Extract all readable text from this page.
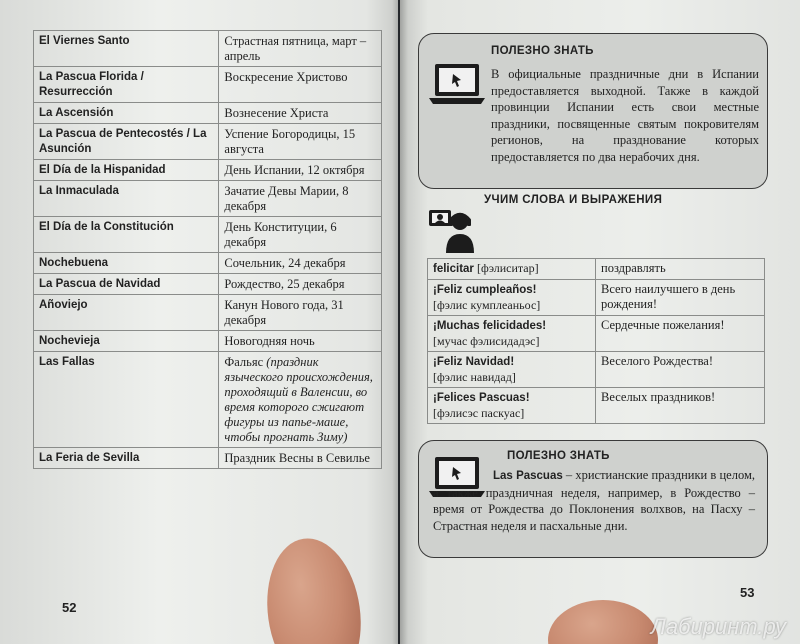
El Viernes Santo	Страстная пятница, март – апрель
La Pascua Florida / Resurrección	Воскресение Христово
La Ascensión	Вознесение Христа
La Pascua de Pentecostés / La Asunción	Успение Богородицы, 15 августа
El Día de la Hispanidad	День Испании, 12 октября
La Inmaculada	Зачатие Девы Марии, 8 декабря
El Día de la Constitución	День Конституции, 6 декабря
Nochebuena	Сочельник, 24 декабря
La Pascua de Navidad	Рождество, 25 декабря
Añoviejo	Канун Нового года, 31 декабря
Nochevieja	Новогодняя ночь
Las Fallas	Фальяс (праздник языческого происхождения, проходящий в Валенсии, во время которого сжигают фигуры из папье-маше, чтобы прогнать Зиму)
La Feria de Sevilla	Праздник Весны в Севилье
52
53
ПОЛЕЗНО ЗНАТЬ
В официальные праздничные дни в Испании предоставляется выходной. Также в каждой провинции Испании есть свои местные праздники, посвященные святым покровителям регионов, на празднование которых предоставляется по два нерабочих дня.
УЧИМ СЛОВА И ВЫРАЖЕНИЯ
felicitar [фэлиситар]	поздравлять
¡Feliz cumpleaños!
[фэлис кумплеаньос]	Всего наилучшего в день рождения!
¡Muchas felicidades!
[мучас фэлисидадэс]	Сердечные пожелания!
¡Feliz Navidad!
[фэлис навидад]	Веселого Рождества!
¡Felices Pascuas!
[фэлисэс паскуас]	Веселых праздников!
ПОЛЕЗНО ЗНАТЬ
Las Pascuas – христианские праздники в целом, а также праздничная неделя, например, в Рождество – время от Рождества до Поклонения волхвов, на Пасху – Страстная неделя и пасхальные дни.
Лабиринт.ру
